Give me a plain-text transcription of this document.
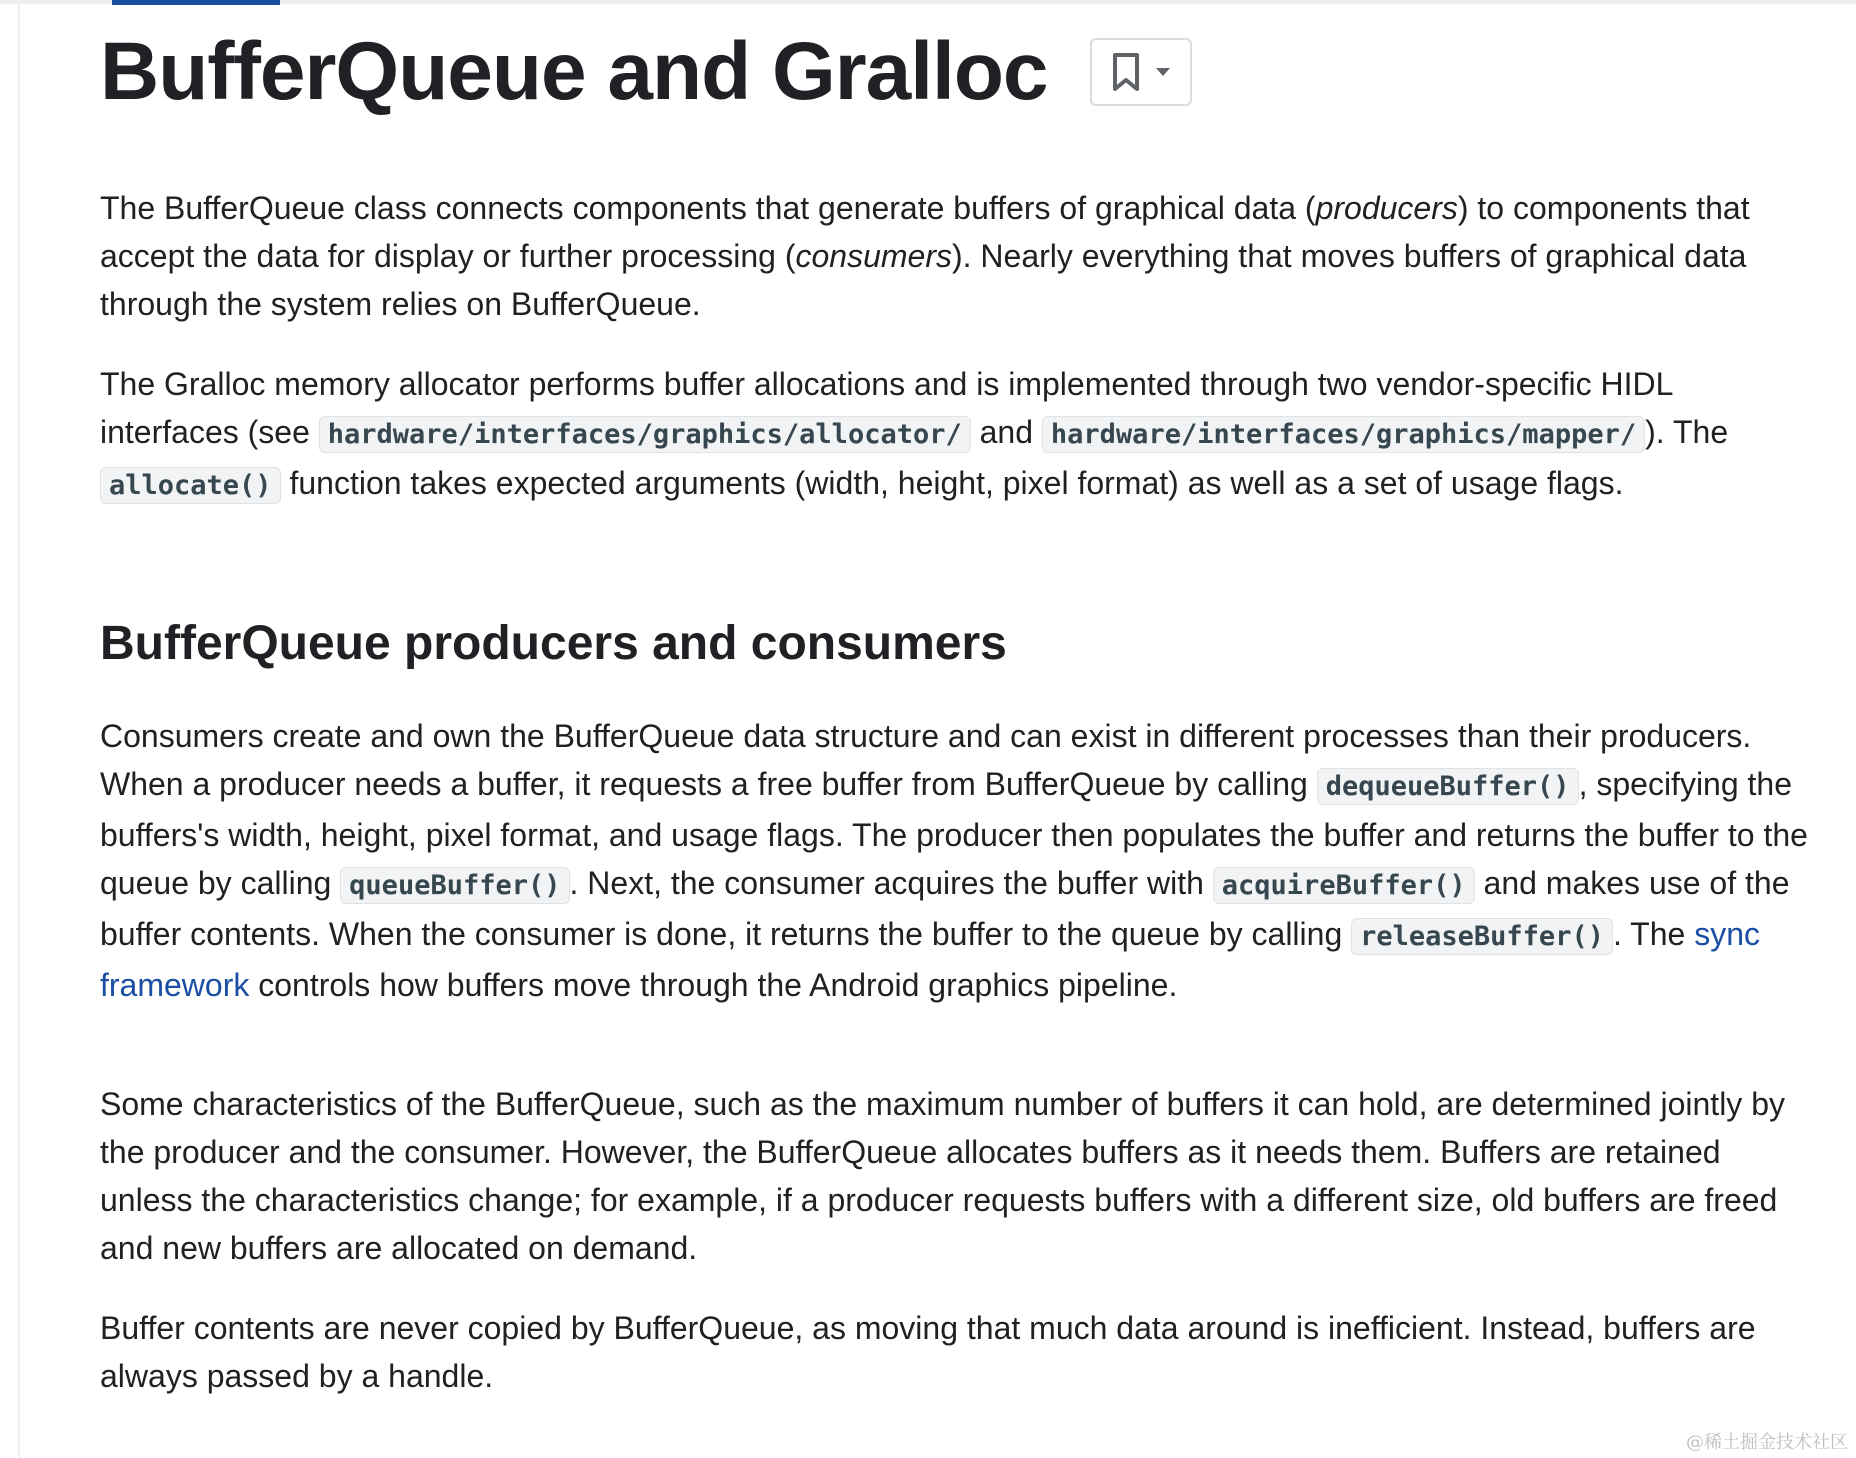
BufferQueue and Gralloc

The BufferQueue class connects components that generate buffers of graphical data (producers) to components that accept the data for display or further processing (consumers). Nearly everything that moves buffers of graphical data through the system relies on BufferQueue.

The Gralloc memory allocator performs buffer allocations and is implemented through two vendor-specific HIDL interfaces (see hardware/interfaces/graphics/allocator/ and hardware/interfaces/graphics/mapper/ ). The allocate() function takes expected arguments (width, height, pixel format) as well as a set of usage flags.

BufferQueue producers and consumers

Consumers create and own the BufferQueue data structure and can exist in different processes than their producers. When a producer needs a buffer, it requests a free buffer from BufferQueue by calling dequeueBuffer() , specifying the buffers's width, height, pixel format, and usage flags. The producer then populates the buffer and returns the buffer to the queue by calling queueBuffer() . Next, the consumer acquires the buffer with acquireBuffer() and makes use of the buffer contents. When the consumer is done, it returns the buffer to the queue by calling releaseBuffer() . The sync framework controls how buffers move through the Android graphics pipeline.

Some characteristics of the BufferQueue, such as the maximum number of buffers it can hold, are determined jointly by the producer and the consumer. However, the BufferQueue allocates buffers as it needs them. Buffers are retained unless the characteristics change; for example, if a producer requests buffers with a different size, old buffers are freed and new buffers are allocated on demand.

Buffer contents are never copied by BufferQueue, as moving that much data around is inefficient. Instead, buffers are always passed by a handle.

@稀土掘金技术社区
